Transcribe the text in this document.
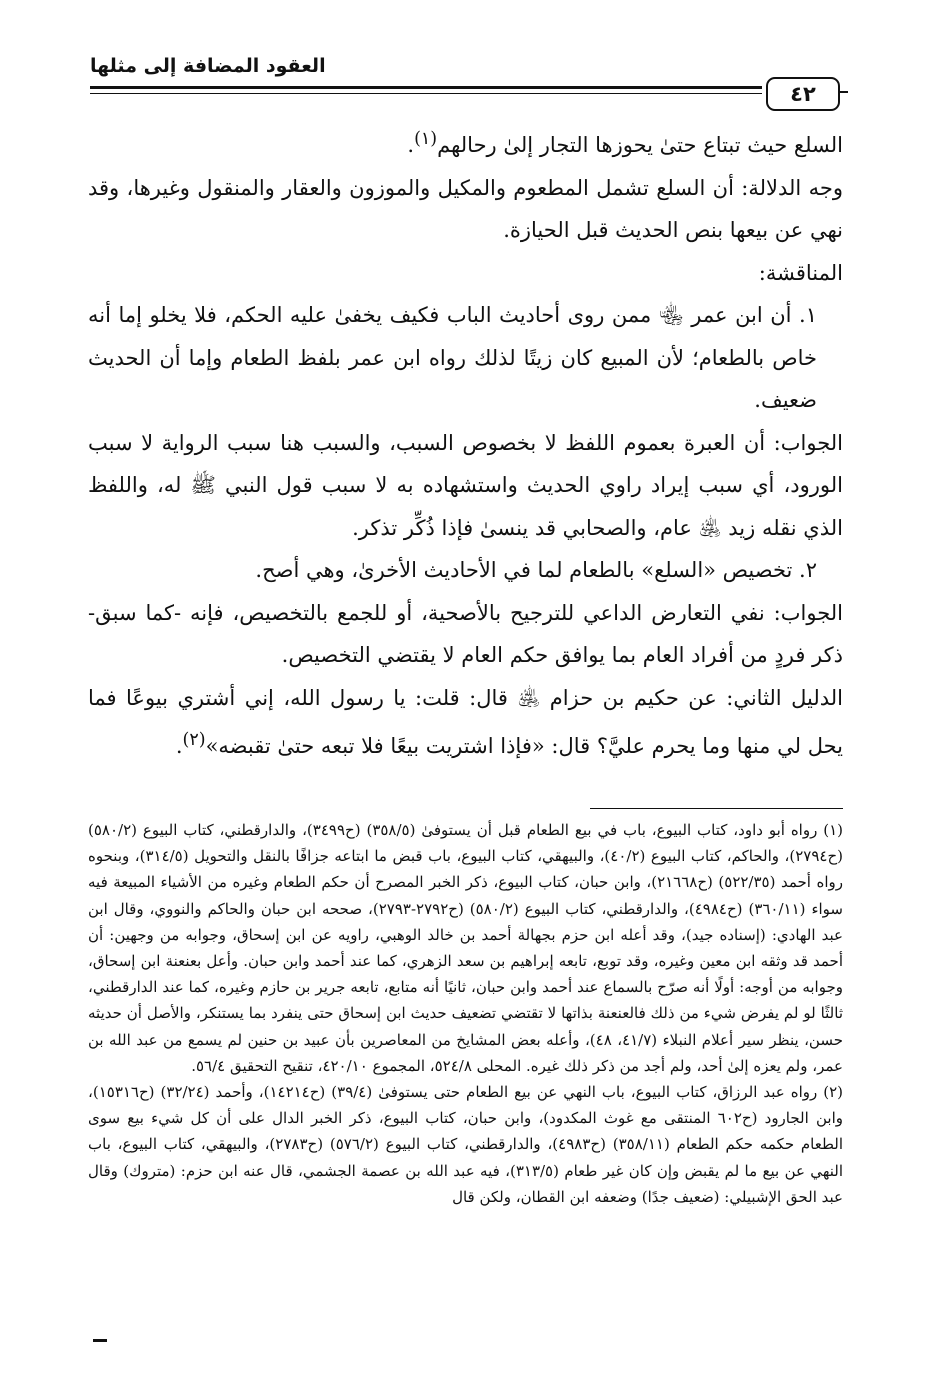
العقود المضافة إلى مثلها
٤٢

السلع حيث تبتاع حتىٰ يحوزها التجار إلىٰ رحالهم$^{(١)}$.

وجه الدلالة: أن السلع تشمل المطعوم والمكيل والموزون والعقار والمنقول وغيرها، وقد نهي عن بيعها بنص الحديث قبل الحيازة.

المناقشة:

١. أن ابن عمر ﵄ ممن روى أحاديث الباب فكيف يخفىٰ عليه الحكم، فلا يخلو إما أنه خاص بالطعام؛ لأن المبيع كان زيتًا لذلك رواه ابن عمر بلفظ الطعام وإما أن الحديث ضعيف.

الجواب: أن العبرة بعموم اللفظ لا بخصوص السبب، والسبب هنا سبب الرواية لا سبب الورود، أي سبب إيراد راوي الحديث واستشهاده به لا سبب قول النبي ﷺ له، واللفظ الذي نقله زيد ﵁ عام، والصحابي قد ينسىٰ فإذا ذُكِّر تذكر.

٢. تخصيص «السلع» بالطعام لما في الأحاديث الأخرىٰ، وهي أصح.

الجواب: نفي التعارض الداعي للترجيح بالأصحية، أو للجمع بالتخصيص، فإنه -كما سبق- ذكر فردٍ من أفراد العام بما يوافق حكم العام لا يقتضي التخصيص.

الدليل الثاني: عن حكيم بن حزام ﵁ قال: قلت: يا رسول الله، إني أشتري بيوعًا فما يحل لي منها وما يحرم عليَّ؟ قال: «فإذا اشتريت بيعًا فلا تبعه حتىٰ تقبضه»$^{(٢)}$.

(١) رواه أبو داود، كتاب البيوع، باب في بيع الطعام قبل أن يستوفىٰ (٣٥٨/٥) (ح٣٤٩٩)، والدارقطني، كتاب البيوع (٥٨٠/٢) (ح٢٧٩٤)، والحاكم، كتاب البيوع (٤٠/٢)، والبيهقي، كتاب البيوع، باب قبض ما ابتاعه جزافًا بالنقل والتحويل (٣١٤/٥)، وبنحوه رواه أحمد (٥٢٢/٣٥) (ح٢١٦٦٨)، وابن حبان، كتاب البيوع، ذكر الخبر المصرح أن حكم الطعام وغيره من الأشياء المبيعة فيه سواء (٣٦٠/١١) (ح٤٩٨٤)، والدارقطني، كتاب البيوع (٥٨٠/٢) (ح٢٧٩٢-٢٧٩٣)، صححه ابن حبان والحاكم والنووي، وقال ابن عبد الهادي: (إسناده جيد)، وقد أعله ابن حزم بجهالة أحمد بن خالد الوهبي، راويه عن ابن إسحاق، وجوابه من وجهين: أن أحمد قد وثقه ابن معين وغيره، وقد توبع، تابعه إبراهيم بن سعد الزهري، كما عند أحمد وابن حبان. وأعل بعنعنة ابن إسحاق، وجوابه من أوجه: أولًا أنه صرّح بالسماع عند أحمد وابن حبان، ثانيًا أنه متابع، تابعه جرير بن حازم وغيره، كما عند الدارقطني، ثالثًا لو لم يفرض شيء من ذلك فالعنعنة بذاتها لا تقتضي تضعيف حديث ابن إسحاق حتى ينفرد بما يستنكر، والأصل أن حديثه حسن، ينظر سير أعلام النبلاء (٤١/٧، ٤٨)، وأعله بعض المشايخ من المعاصرين بأن عبيد بن حنين لم يسمع من عبد الله بن عمر، ولم يعزه إلىٰ أحد، ولم أجد من ذكر ذلك غيره. المحلى ٥٢٤/٨، المجموع ٤٢٠/١٠، تنقيح التحقيق ٥٦/٤.

(٢) رواه عبد الرزاق، كتاب البيوع، باب النهي عن بيع الطعام حتى يستوفىٰ (٣٩/٤) (ح١٤٢١٤)، وأحمد (٣٢/٢٤) (ح١٥٣١٦)، وابن الجارود (ح٦٠٢ المنتقى مع غوث المكدود)، وابن حبان، كتاب البيوع، ذكر الخبر الدال على أن كل شيء بيع سوى الطعام حكمه حكم الطعام (٣٥٨/١١) (ح٤٩٨٣)، والدارقطني، كتاب البيوع (٥٧٦/٢) (ح٢٧٨٣)، والبيهقي، كتاب البيوع، باب النهي عن بيع ما لم يقبض وإن كان غير طعام (٣١٣/٥)، فيه عبد الله بن عصمة الجشمي، قال عنه ابن حزم: (متروك) وقال عبد الحق الإشبيلي: (ضعيف جدًا) وضعفه ابن القطان، ولكن قال
